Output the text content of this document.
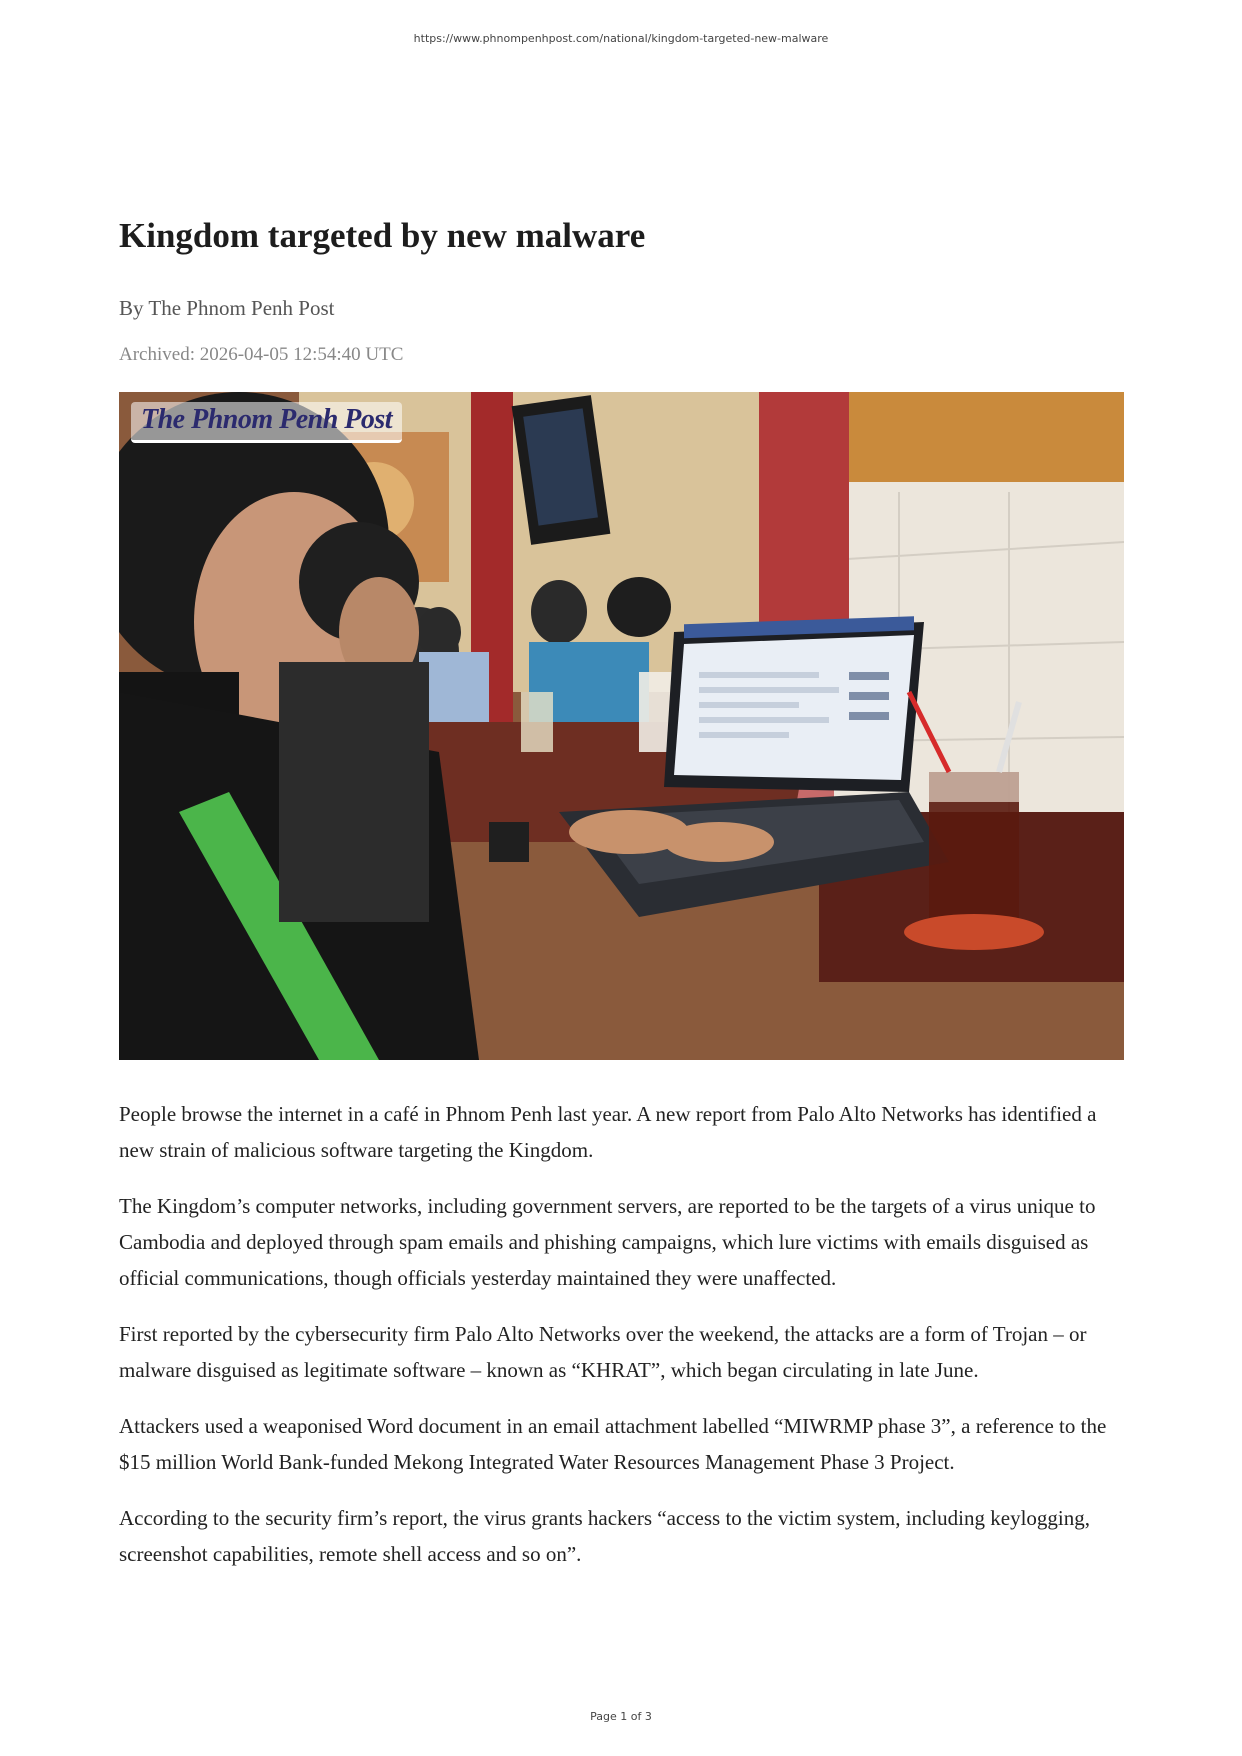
https://www.phnompenhpost.com/national/kingdom-targeted-new-malware
Kingdom targeted by new malware
By The Phnom Penh Post
Archived: 2026-04-05 12:54:40 UTC
The Phnom Penh Post

People browse the internet in a café in Phnom Penh last year. A new report from Palo Alto Networks has identified a new strain of malicious software targeting the Kingdom.

The Kingdom’s computer networks, including government servers, are reported to be the targets of a virus unique to Cambodia and deployed through spam emails and phishing campaigns, which lure victims with emails disguised as official communications, though officials yesterday maintained they were unaffected.

First reported by the cybersecurity firm Palo Alto Networks over the weekend, the attacks are a form of Trojan – or malware disguised as legitimate software – known as “KHRAT”, which began circulating in late June.

Attackers used a weaponised Word document in an email attachment labelled “MIWRMP phase 3”, a reference to the $15 million World Bank-funded Mekong Integrated Water Resources Management Phase 3 Project.

According to the security firm’s report, the virus grants hackers “access to the victim system, including keylogging, screenshot capabilities, remote shell access and so on”.

Page 1 of 3
